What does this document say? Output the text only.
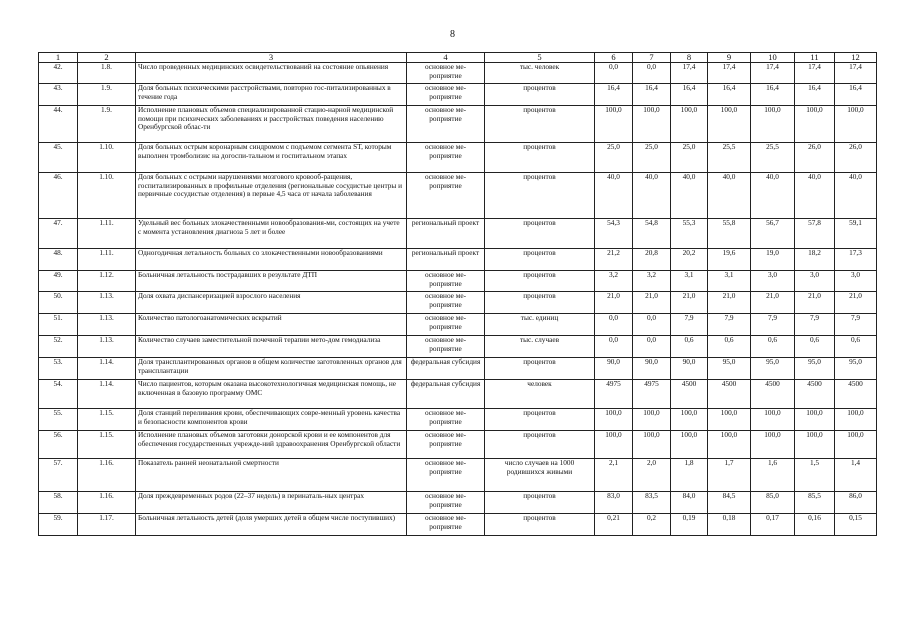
8
1	2	3	4	5	6	7	8	9	10	11	12
42.	1.8.	Число проведенных медицинских освидетельствований на состояние опьянения	основное ме-роприятие	тыс. человек	0,0	0,0	17,4	17,4	17,4	17,4	17,4
43.	1.9.	Доля больных психическими расстройствами, повторно гос-питализированных в течение года	основное ме-роприятие	процентов	16,4	16,4	16,4	16,4	16,4	16,4	16,4
44.	1.9.	Исполнение плановых объемов специализированной стацио-нарной медицинской помощи при психических заболеваниях и расстройствах поведения населению Оренбургской облас-ти	основное ме-роприятие	процентов	100,0	100,0	100,0	100,0	100,0	100,0	100,0
45.	1.10.	Доля больных острым коронарным синдромом с подъемом сегмента ST, которым выполнен тромболизис на догоспи-тальном и госпитальном этапах	основное ме-роприятие	процентов	25,0	25,0	25,0	25,5	25,5	26,0	26,0
46.	1.10.	Доля больных с острыми нарушениями мозгового кровооб-ращения, госпитализированных в профильные отделения (региональные сосудистые центры и первичные сосудистые отделения) в первые 4,5 часа от начала заболевания	основное ме-роприятие	процентов	40,0	40,0	40,0	40,0	40,0	40,0	40,0
47.	1.11.	Удельный вес больных злокачественными новообразования-ми, состоящих на учете с момента установления диагноза 5 лет и более	региональный проект	процентов	54,3	54,8	55,3	55,8	56,7	57,8	59,1
48.	1.11.	Одногодичная летальность больных со злокачественными новообразованиями	региональный проект	процентов	21,2	20,8	20,2	19,6	19,0	18,2	17,3
49.	1.12.	Больничная летальность пострадавших в результате ДТП	основное ме-роприятие	процентов	3,2	3,2	3,1	3,1	3,0	3,0	3,0
50.	1.13.	Доля охвата диспансеризацией взрослого населения	основное ме-роприятие	процентов	21,0	21,0	21,0	21,0	21,0	21,0	21,0
51.	1.13.	Количество патологоанатомических вскрытий	основное ме-роприятие	тыс. единиц	0,0	0,0	7,9	7,9	7,9	7,9	7,9
52.	1.13.	Количество случаев заместительной почечной терапии мето-дом гемодиализа	основное ме-роприятие	тыс. случаев	0,0	0,0	0,6	0,6	0,6	0,6	0,6
53.	1.14.	Доля трансплантированных органов в общем количестве заготовленных органов для трансплантации	федеральная субсидия	процентов	90,0	90,0	90,0	95,0	95,0	95,0	95,0
54.	1.14.	Число пациентов, которым оказана высокотехнологичная медицинская помощь, не включенная в базовую программу ОМС	федеральная субсидия	человек	4975	4975	4500	4500	4500	4500	4500
55.	1.15.	Доля станций переливания крови, обеспечивающих совре-менный уровень качества и безопасности компонентов крови	основное ме-роприятие	процентов	100,0	100,0	100,0	100,0	100,0	100,0	100,0
56.	1.15.	Исполнение плановых объемов заготовки донорской крови и ее компонентов для обеспечения государственных учрежде-ний здравоохранения Оренбургской области	основное ме-роприятие	процентов	100,0	100,0	100,0	100,0	100,0	100,0	100,0
57.	1.16.	Показатель ранней неонатальной смертности	основное ме-роприятие	число случаев на 1000 родившихся живыми	2,1	2,0	1,8	1,7	1,6	1,5	1,4
58.	1.16.	Доля преждевременных родов (22–37 недель) в перинаталь-ных центрах	основное ме-роприятие	процентов	83,0	83,5	84,0	84,5	85,0	85,5	86,0
59.	1.17.	Больничная летальность детей (доля умерших детей в общем числе поступивших)	основное ме-роприятие	процентов	0,21	0,2	0,19	0,18	0,17	0,16	0,15
